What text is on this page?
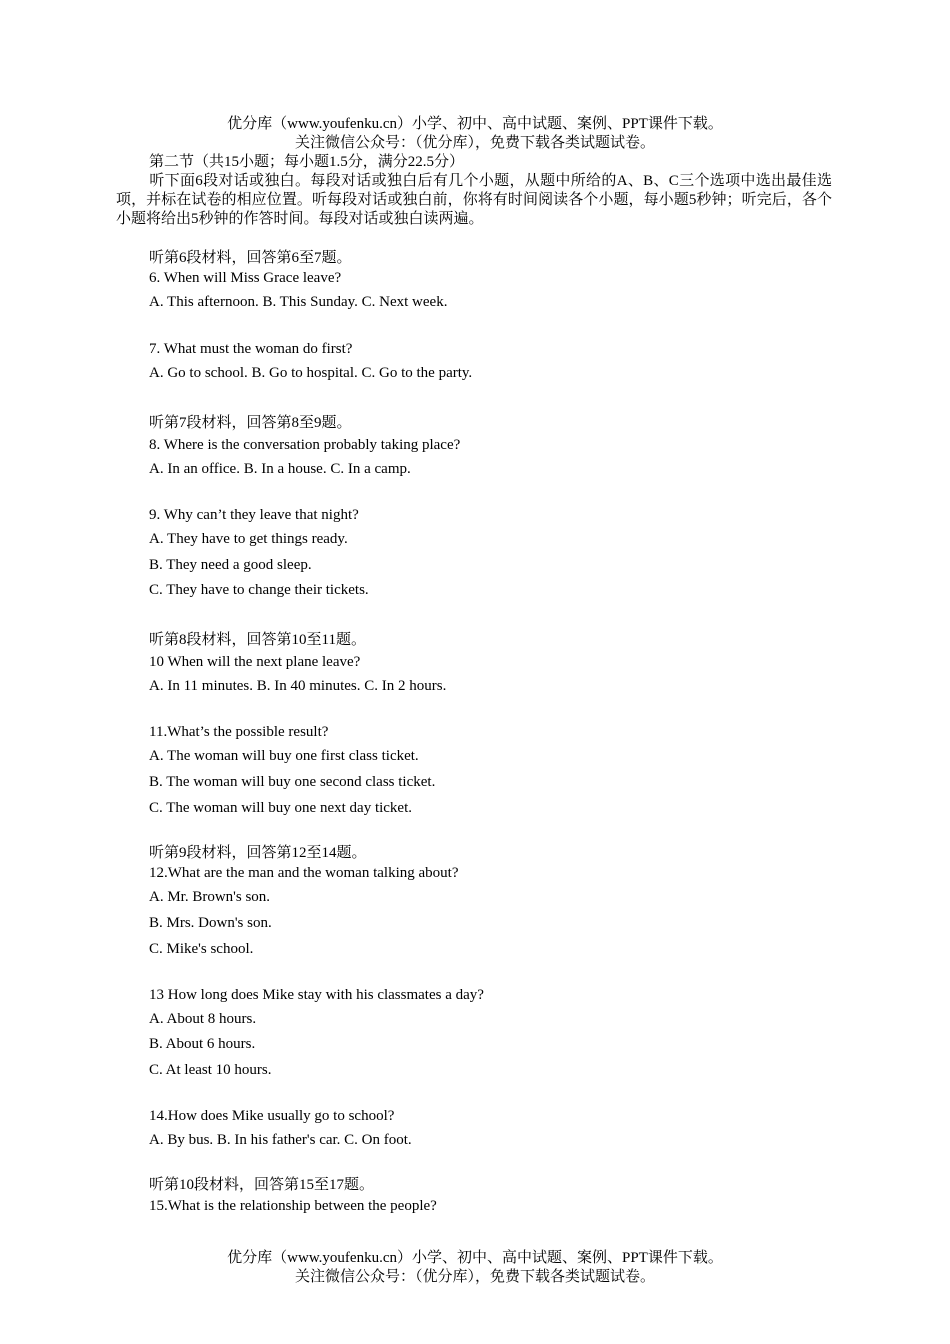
优分库（www.youfenku.cn）小学、初中、高中试题、案例、PPT课件下载。
关注微信公众号：（优分库），免费下载各类试题试卷。
第二节（共15小题；每小题1.5分，满分22.5分）
听下面6段对话或独白。每段对话或独白后有几个小题，从题中所给的A、B、C三个选项中选出最佳选项，并标在试卷的相应位置。听每段对话或独白前，你将有时间阅读各个小题，每小题5秒钟；听完后，各个小题将给出5秒钟的作答时间。每段对话或独白读两遍。
听第6段材料，回答第6至7题。
6. When will Miss Grace leave?
A. This afternoon. B. This Sunday. C. Next week.
7. What must the woman do first?
A. Go to school. B. Go to hospital. C. Go to the party.
听第7段材料，回答第8至9题。
8. Where is the conversation probably taking place?
A. In an office. B. In a house. C. In a camp.
9. Why can’t they leave that night?
A. They have to get things ready.
B. They need a good sleep.
C. They have to change their tickets.
听第8段材料，回答第10至11题。
10 When will the next plane leave?
A. In 11 minutes. B. In 40 minutes. C. In 2 hours.
11.What’s the possible result?
A. The woman will buy one first class ticket.
B. The woman will buy one second class ticket.
C. The woman will buy one next day ticket.
听第9段材料，回答第12至14题。
12.What are the man and the woman talking about?
A. Mr. Brown's son.
B. Mrs. Down's son.
C. Mike's school.
13 How long does Mike stay with his classmates a day?
A. About 8 hours.
B. About 6 hours.
C. At least 10 hours.
14.How does Mike usually go to school?
A. By bus. B. In his father's car. C. On foot.
听第10段材料，回答第15至17题。
15.What is the relationship between the people?
优分库（www.youfenku.cn）小学、初中、高中试题、案例、PPT课件下载。
关注微信公众号：（优分库），免费下载各类试题试卷。
